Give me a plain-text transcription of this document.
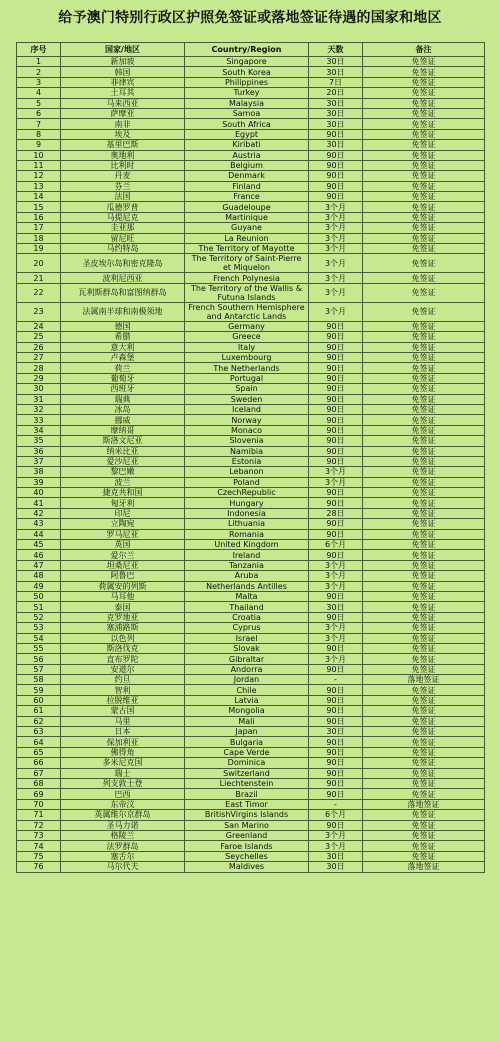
给予澳门特别行政区护照免签证或落地签证待遇的国家和地区
序号	国家/地区	Country/Region	天数	备注
1	新加坡	Singapore	30日	免签证
2	韩国	South Korea	30日	免签证
3	菲律宾	Philippines	7日	免签证
4	土耳其	Turkey	20日	免签证
5	马来西亚	Malaysia	30日	免签证
6	萨摩亚	Samoa	30日	免签证
7	南非	South Africa	30日	免签证
8	埃及	Egypt	90日	免签证
9	基里巴斯	Kiribati	30日	免签证
10	奥地利	Austria	90日	免签证
11	比利时	Belgium	90日	免签证
12	丹麦	Denmark	90日	免签证
13	芬兰	Finland	90日	免签证
14	法国	France	90日	免签证
15	瓜德罗普	Guadeloupe	3个月	免签证
16	马提尼克	Martinique	3个月	免签证
17	圭亚那	Guyane	3个月	免签证
18	留尼旺	La Reunion	3个月	免签证
19	马约特岛	The Territory of Mayotte	3个月	免签证
20	圣皮埃尔岛和密克隆岛	The Territory of Saint-Pierre et Miquelon	3个月	免签证
21	波利尼西亚	French Polynesia	3个月	免签证
22	瓦利斯群岛和富图纳群岛	The Territory of the Wallis & Futuna Islands	3个月	免签证
23	法属南半球和南极领地	French Southern Hemisphere and Antarctic Lands	3个月	免签证
24	德国	Germany	90日	免签证
25	希腊	Greece	90日	免签证
26	意大利	Italy	90日	免签证
27	卢森堡	Luxembourg	90日	免签证
28	荷兰	The Netherlands	90日	免签证
29	葡萄牙	Portugal	90日	免签证
30	西班牙	Spain	90日	免签证
31	瑞典	Sweden	90日	免签证
32	冰岛	Iceland	90日	免签证
33	挪威	Norway	90日	免签证
34	摩纳哥	Monaco	90日	免签证
35	斯洛文尼亚	Slovenia	90日	免签证
36	纳米比亚	Namibia	90日	免签证
37	爱沙尼亚	Estonia	90日	免签证
38	黎巴嫩	Lebanon	3个月	免签证
39	波兰	Poland	3个月	免签证
40	捷克共和国	CzechRepublic	90日	免签证
41	匈牙利	Hungary	90日	免签证
42	印尼	Indonesia	28日	免签证
43	立陶宛	Lithuania	90日	免签证
44	罗马尼亚	Romania	90日	免签证
45	英国	United Kingdom	6个月	免签证
46	爱尔兰	Ireland	90日	免签证
47	坦桑尼亚	Tanzania	3个月	免签证
48	阿鲁巴	Aruba	3个月	免签证
49	荷属安的列斯	Netherlands Antilles	3个月	免签证
50	马耳他	Malta	90日	免签证
51	泰国	Thailand	30日	免签证
52	克罗地亚	Croatia	90日	免签证
53	塞浦路斯	Cyprus	3个月	免签证
54	以色列	Israel	3个月	免签证
55	斯洛伐克	Slovak	90日	免签证
56	直布罗陀	Gibraltar	3个月	免签证
57	安道尔	Andorra	90日	免签证
58	约旦	Jordan	-	落地签证
59	智利	Chile	90日	免签证
60	拉脱维亚	Latvia	90日	免签证
61	蒙古国	Mongolia	90日	免签证
62	马里	Mali	90日	免签证
63	日本	Japan	30日	免签证
64	保加利亚	Bulgaria	90日	免签证
65	佛得角	Cape Verde	90日	免签证
66	多米尼克国	Dominica	90日	免签证
67	瑞士	Switzerland	90日	免签证
68	列支敦士登	Liechtenstein	90日	免签证
69	巴西	Brazil	90日	免签证
70	东帝汶	East Timor	-	落地签证
71	英属维尔京群岛	BritishVirgins Islands	6个月	免签证
72	圣马力诺	San Marino	90日	免签证
73	格陵兰	Greenland	3个月	免签证
74	法罗群岛	Faroe Islands	3个月	免签证
75	塞舌尔	Seychelles	30日	免签证
76	马尔代夫	Maldives	30日	落地签证
